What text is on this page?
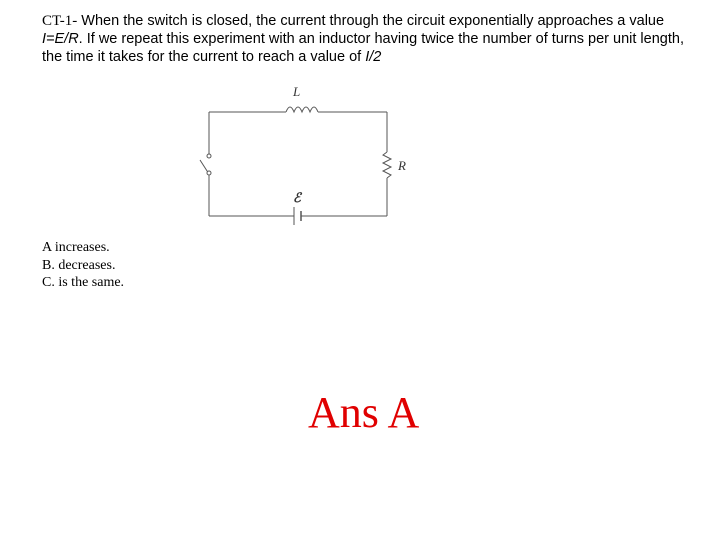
CT-1- When the switch is closed, the current through the circuit exponentially approaches a value I=E/R. If we repeat this experiment with an inductor having twice the number of turns per unit length, the time it takes for the current to reach a value of I/2
L
R
ℰ
A increases.
B. decreases.
C. is the same.
Ans A
